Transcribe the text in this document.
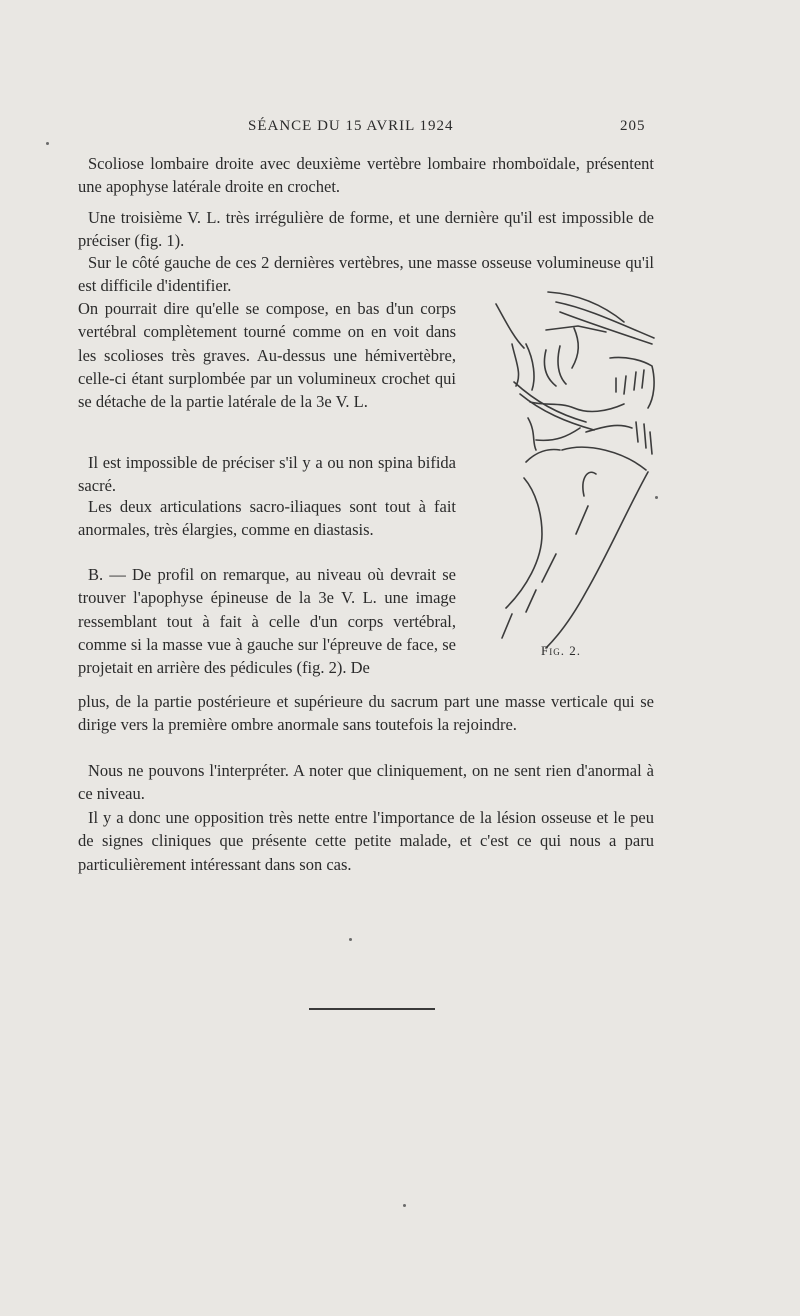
SÉANCE DU 15 AVRIL 1924	205

Scoliose lombaire droite avec deuxième vertèbre lombaire rhomboïdale, présentent une apophyse latérale droite en crochet.

Une troisième V. L. très irrégulière de forme, et une dernière qu'il est impossible de préciser (fig. 1).

Sur le côté gauche de ces 2 dernières vertèbres, une masse osseuse volumineuse qu'il est difficile d'identifier.

On pourrait dire qu'elle se compose, en bas d'un corps vertébral complètement tourné comme on en voit dans les scolioses très graves. Au-dessus une hémivertèbre, celle-ci étant surplombée par un volumineux crochet qui se détache de la partie latérale de la 3e V. L.

Il est impossible de préciser s'il y a ou non spina bifida sacré.

Les deux articulations sacro-iliaques sont tout à fait anormales, très élargies, comme en diastasis.

B. — De profil on remarque, au niveau où devrait se trouver l'apophyse épineuse de la 3e V. L. une image ressemblant tout à fait à celle d'un corps vertébral, comme si la masse vue à gauche sur l'épreuve de face, se projetait en arrière des pédicules (fig. 2). De

plus, de la partie postérieure et supérieure du sacrum part une masse verticale qui se dirige vers la première ombre anormale sans toutefois la rejoindre.

Nous ne pouvons l'interpréter. A noter que cliniquement, on ne sent rien d'anormal à ce niveau.

Il y a donc une opposition très nette entre l'importance de la lésion osseuse et le peu de signes cliniques que présente cette petite malade, et c'est ce qui nous a paru particulièrement intéressant dans son cas.

Fig. 2.
